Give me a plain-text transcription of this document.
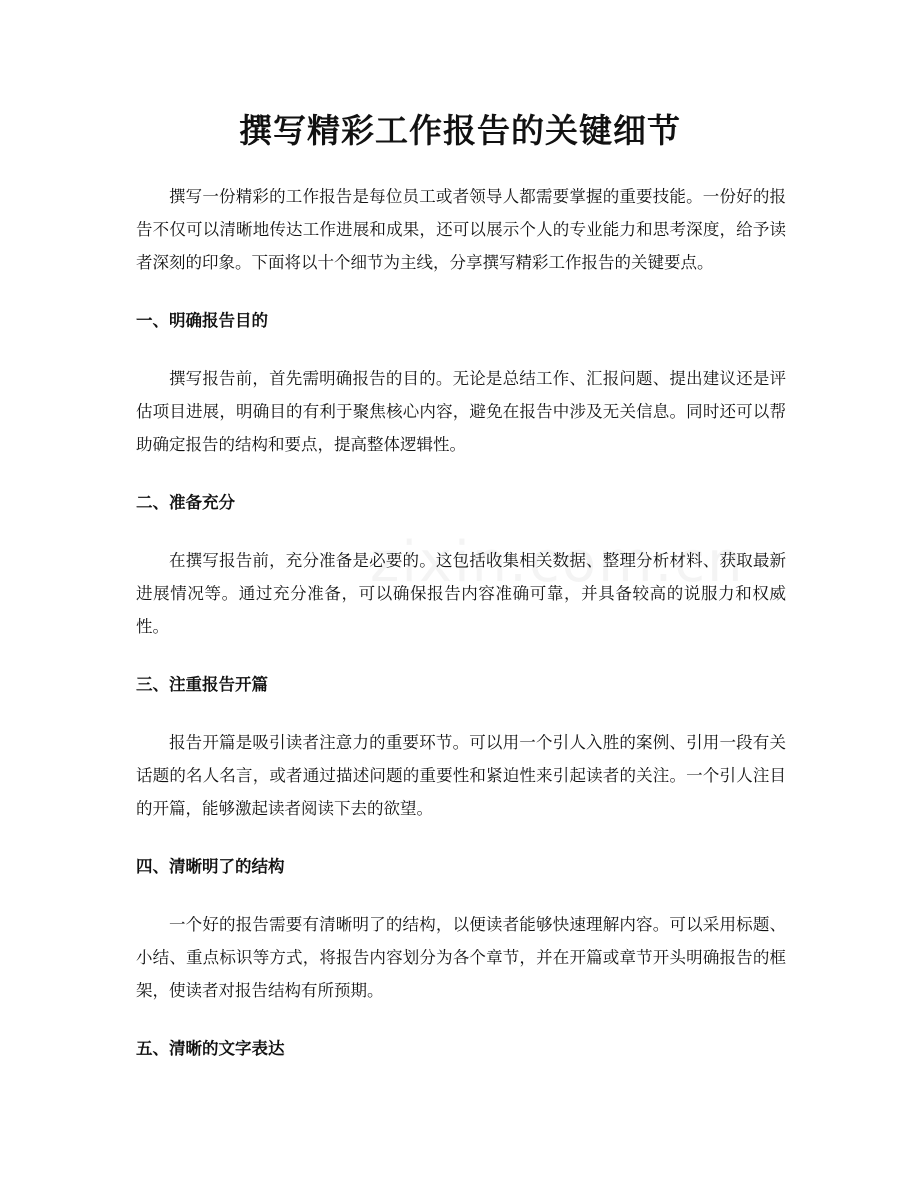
撰写精彩工作报告的关键细节

撰写一份精彩的工作报告是每位员工或者领导人都需要掌握的重要技能。一份好的报告不仅可以清晰地传达工作进展和成果，还可以展示个人的专业能力和思考深度，给予读者深刻的印象。下面将以十个细节为主线，分享撰写精彩工作报告的关键要点。

一、明确报告目的

撰写报告前，首先需明确报告的目的。无论是总结工作、汇报问题、提出建议还是评估项目进展，明确目的有利于聚焦核心内容，避免在报告中涉及无关信息。同时还可以帮助确定报告的结构和要点，提高整体逻辑性。

二、准备充分

在撰写报告前，充分准备是必要的。这包括收集相关数据、整理分析材料、获取最新进展情况等。通过充分准备，可以确保报告内容准确可靠，并具备较高的说服力和权威性。

三、注重报告开篇

报告开篇是吸引读者注意力的重要环节。可以用一个引人入胜的案例、引用一段有关话题的名人名言，或者通过描述问题的重要性和紧迫性来引起读者的关注。一个引人注目的开篇，能够激起读者阅读下去的欲望。

四、清晰明了的结构

一个好的报告需要有清晰明了的结构，以便读者能够快速理解内容。可以采用标题、小结、重点标识等方式，将报告内容划分为各个章节，并在开篇或章节开头明确报告的框架，使读者对报告结构有所预期。

五、清晰的文字表达
